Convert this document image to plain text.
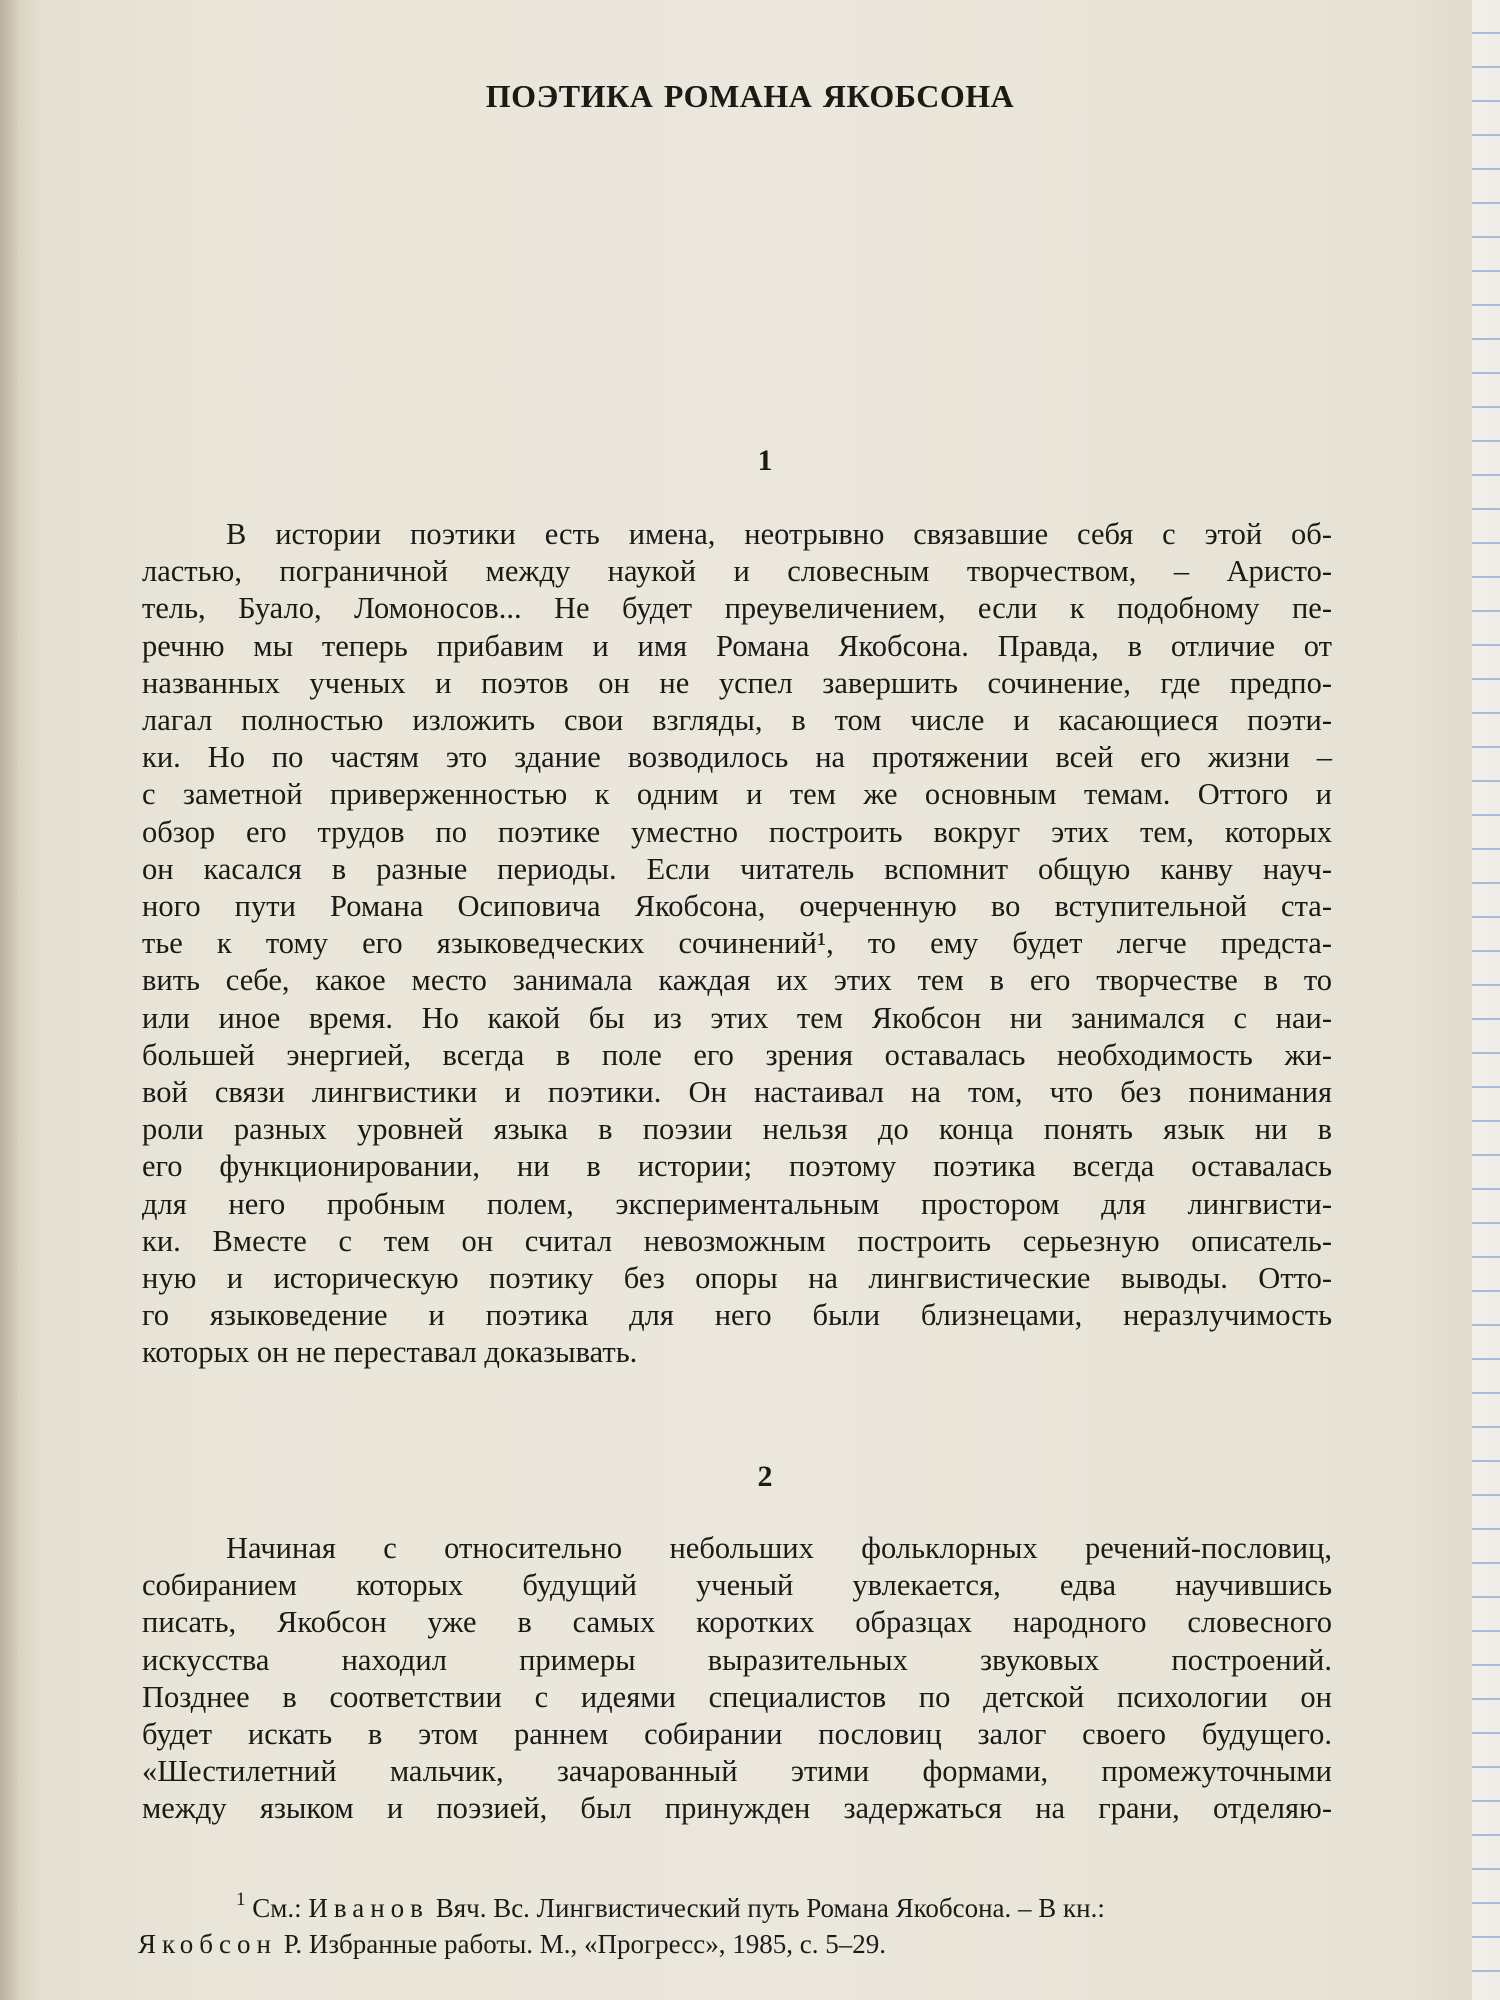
ПОЭТИКА РОМАНА ЯКОБСОНА
1
В истории поэтики есть имена, неотрывно связавшие себя с этой об-
ластью, пограничной между наукой и словесным творчеством, – Аристо-
тель, Буало, Ломоносов... Не будет преувеличением, если к подобному пе-
речню мы теперь прибавим и имя Романа Якобсона. Правда, в отличие от
названных ученых и поэтов он не успел завершить сочинение, где предпо-
лагал полностью изложить свои взгляды, в том числе и касающиеся поэти-
ки. Но по частям это здание возводилось на протяжении всей его жизни –
с заметной приверженностью к одним и тем же основным темам. Оттого и
обзор его трудов по поэтике уместно построить вокруг этих тем, которых
он касался в разные периоды. Если читатель вспомнит общую канву науч-
ного пути Романа Осиповича Якобсона, очерченную во вступительной ста-
тье к тому его языковедческих сочинений¹, то ему будет легче предста-
вить себе, какое место занимала каждая их этих тем в его творчестве в то
или иное время. Но какой бы из этих тем Якобсон ни занимался с наи-
большей энергией, всегда в поле его зрения оставалась необходимость жи-
вой связи лингвистики и поэтики. Он настаивал на том, что без понимания
роли разных уровней языка в поэзии нельзя до конца понять язык ни в
его функционировании, ни в истории; поэтому поэтика всегда оставалась
для него пробным полем, экспериментальным простором для лингвисти-
ки. Вместе с тем он считал невозможным построить серьезную описатель-
ную и историческую поэтику без опоры на лингвистические выводы. Отто-
го языковедение и поэтика для него были близнецами, неразлучимость
которых он не переставал доказывать.
2
Начиная с относительно небольших фольклорных речений-пословиц,
собиранием которых будущий ученый увлекается, едва научившись
писать, Якобсон уже в самых коротких образцах народного словесного
искусства находил примеры выразительных звуковых построений.
Позднее в соответствии с идеями специалистов по детской психологии он
будет искать в этом раннем собирании пословиц залог своего будущего.
«Шестилетний мальчик, зачарованный этими формами, промежуточными
между языком и поэзией, был принужден задержаться на грани, отделяю-
$^1$ См.: Иванов Вяч. Вс. Лингвистический путь Романа Якобсона. – В кн.:
Якобсон Р. Избранные работы. М., «Прогресс», 1985, с. 5–29.
